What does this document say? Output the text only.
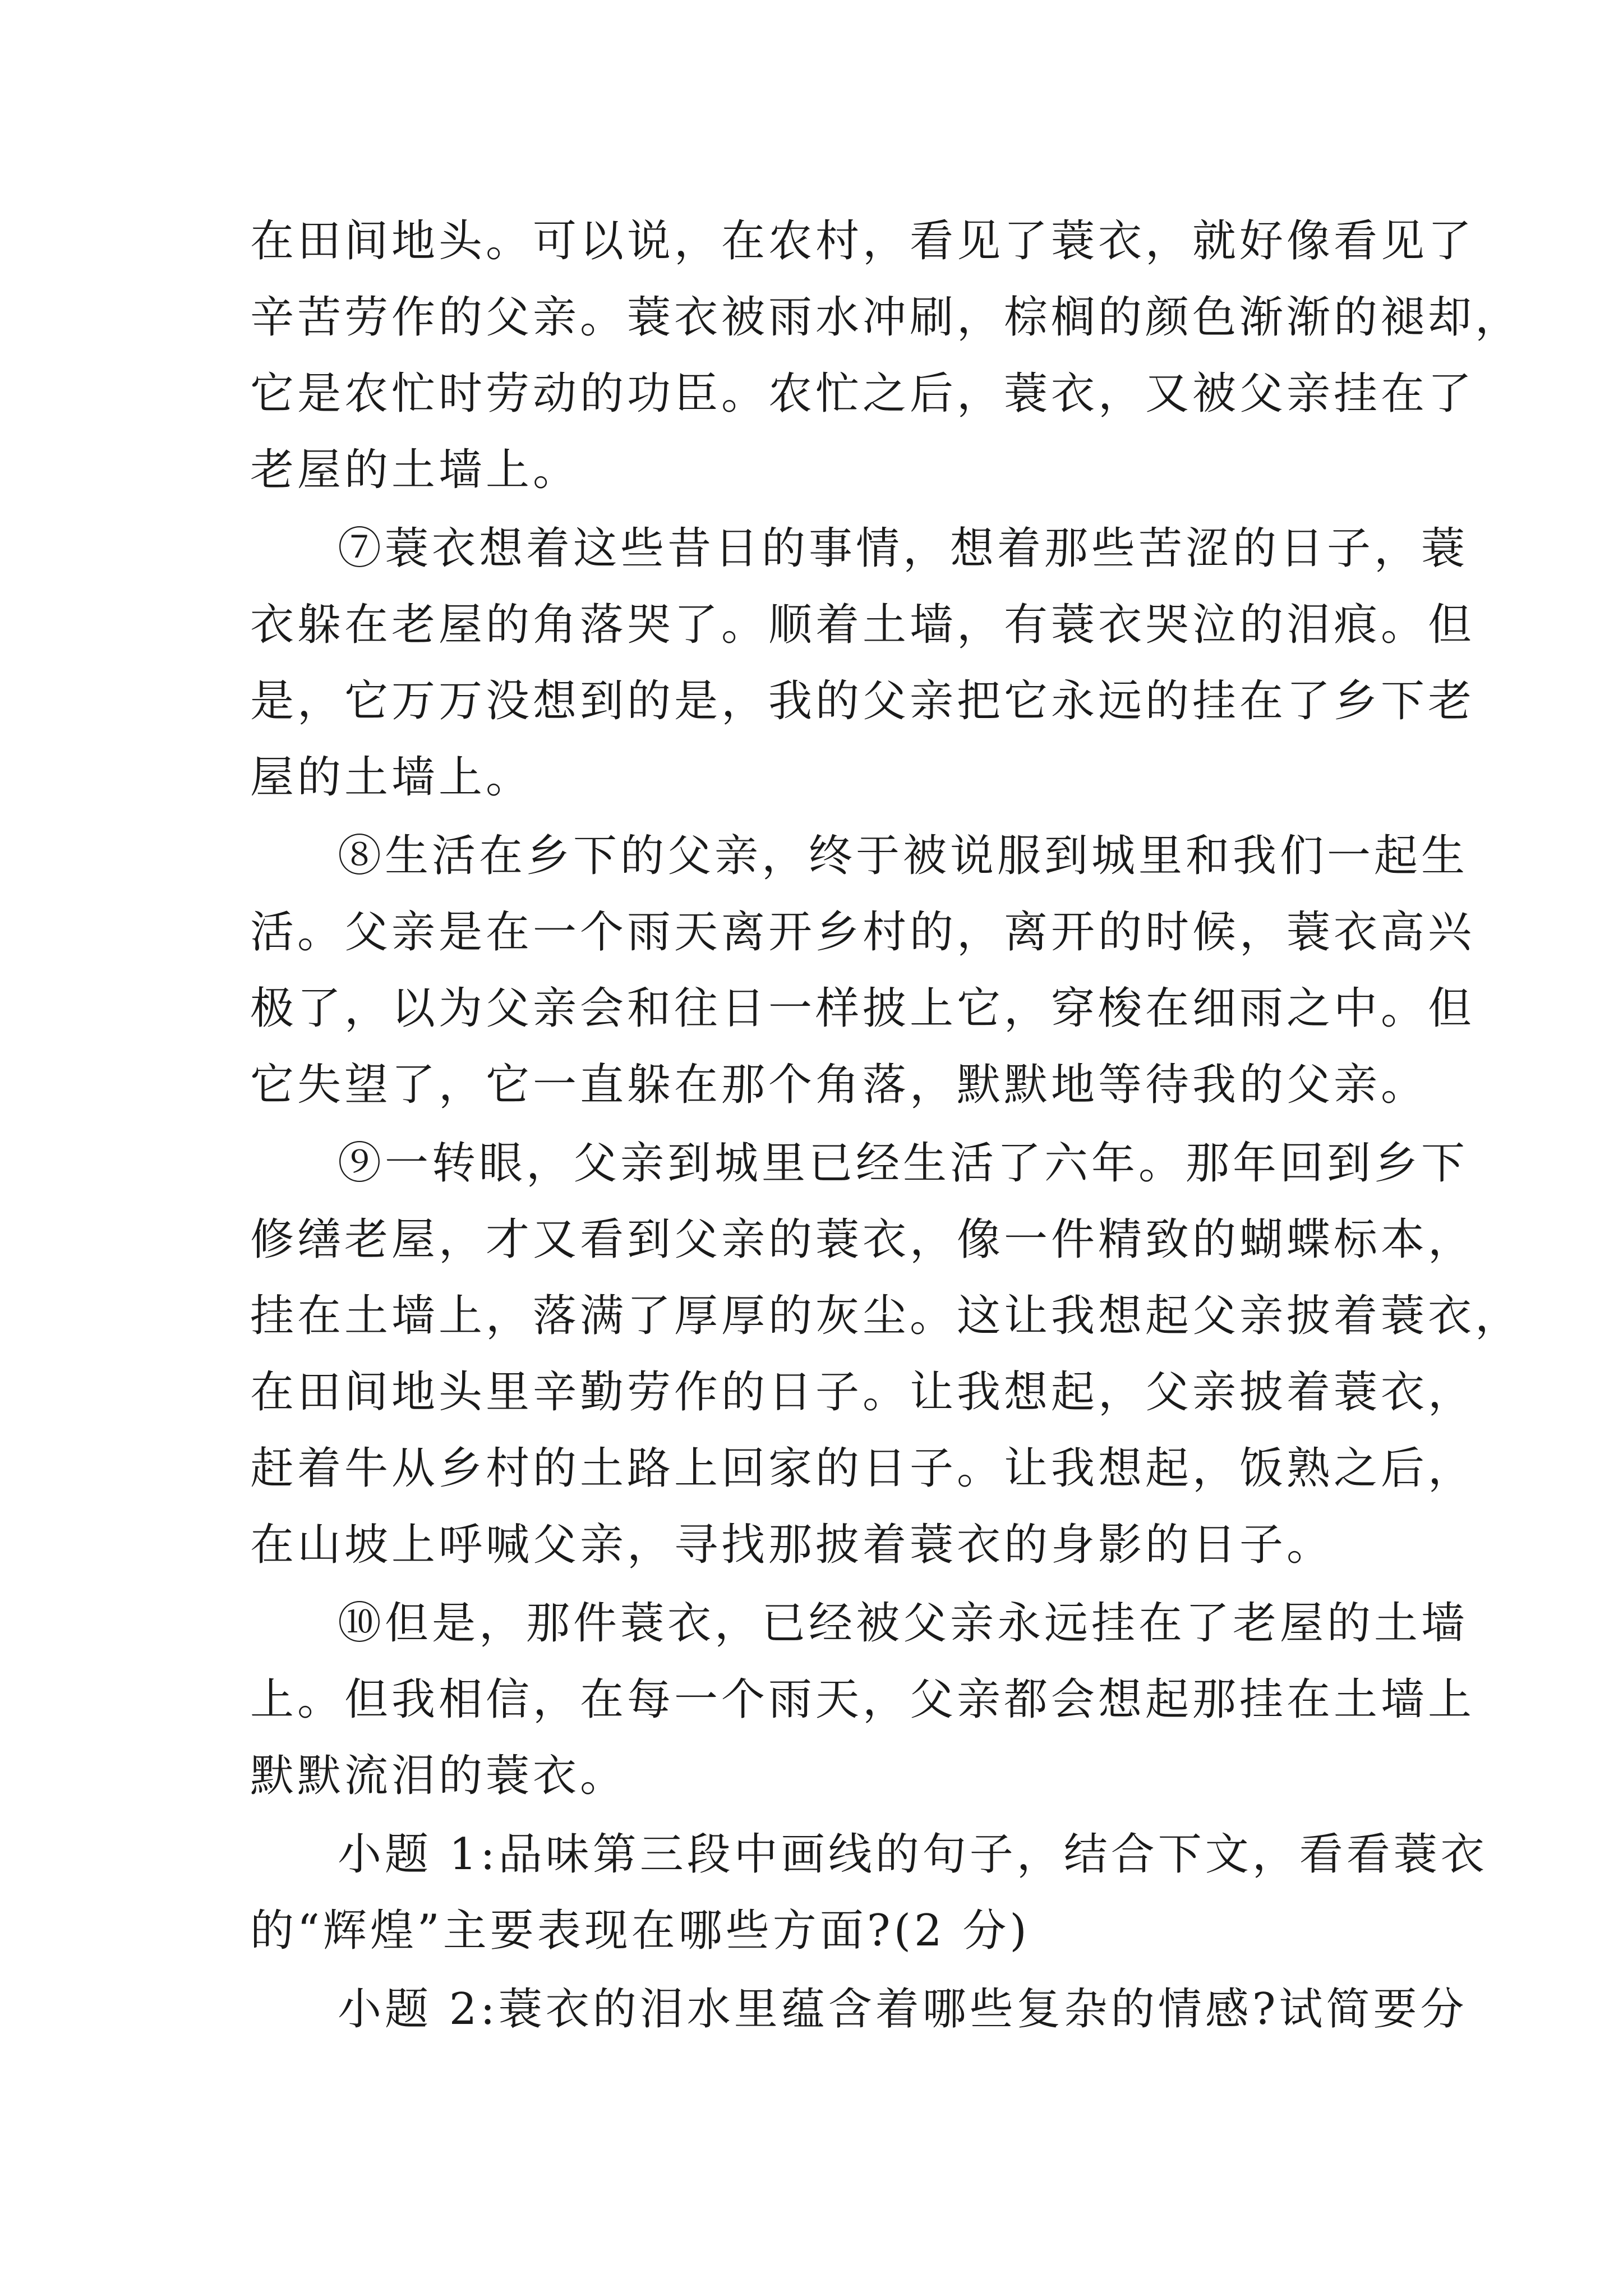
在田间地头。可以说，在农村，看见了蓑衣，就好像看见了
辛苦劳作的父亲。蓑衣被雨水冲刷，棕榈的颜色渐渐的褪却，
它是农忙时劳动的功臣。农忙之后，蓑衣，又被父亲挂在了
老屋的土墙上。
⑦蓑衣想着这些昔日的事情，想着那些苦涩的日子，蓑
衣躲在老屋的角落哭了。顺着土墙，有蓑衣哭泣的泪痕。但
是，它万万没想到的是，我的父亲把它永远的挂在了乡下老
屋的土墙上。
⑧生活在乡下的父亲，终于被说服到城里和我们一起生
活。父亲是在一个雨天离开乡村的，离开的时候，蓑衣高兴
极了，以为父亲会和往日一样披上它，穿梭在细雨之中。但
它失望了，它一直躲在那个角落，默默地等待我的父亲。
⑨一转眼，父亲到城里已经生活了六年。那年回到乡下
修缮老屋，才又看到父亲的蓑衣，像一件精致的蝴蝶标本，
挂在土墙上，落满了厚厚的灰尘。这让我想起父亲披着蓑衣，
在田间地头里辛勤劳作的日子。让我想起，父亲披着蓑衣，
赶着牛从乡村的土路上回家的日子。让我想起，饭熟之后，
在山坡上呼喊父亲，寻找那披着蓑衣的身影的日子。
⑩但是，那件蓑衣，已经被父亲永远挂在了老屋的土墙
上。但我相信，在每一个雨天，父亲都会想起那挂在土墙上
默默流泪的蓑衣。
小题 1:品味第三段中画线的句子，结合下文，看看蓑衣
的“辉煌”主要表现在哪些方面?(2 分)
小题 2:蓑衣的泪水里蕴含着哪些复杂的情感?试简要分
